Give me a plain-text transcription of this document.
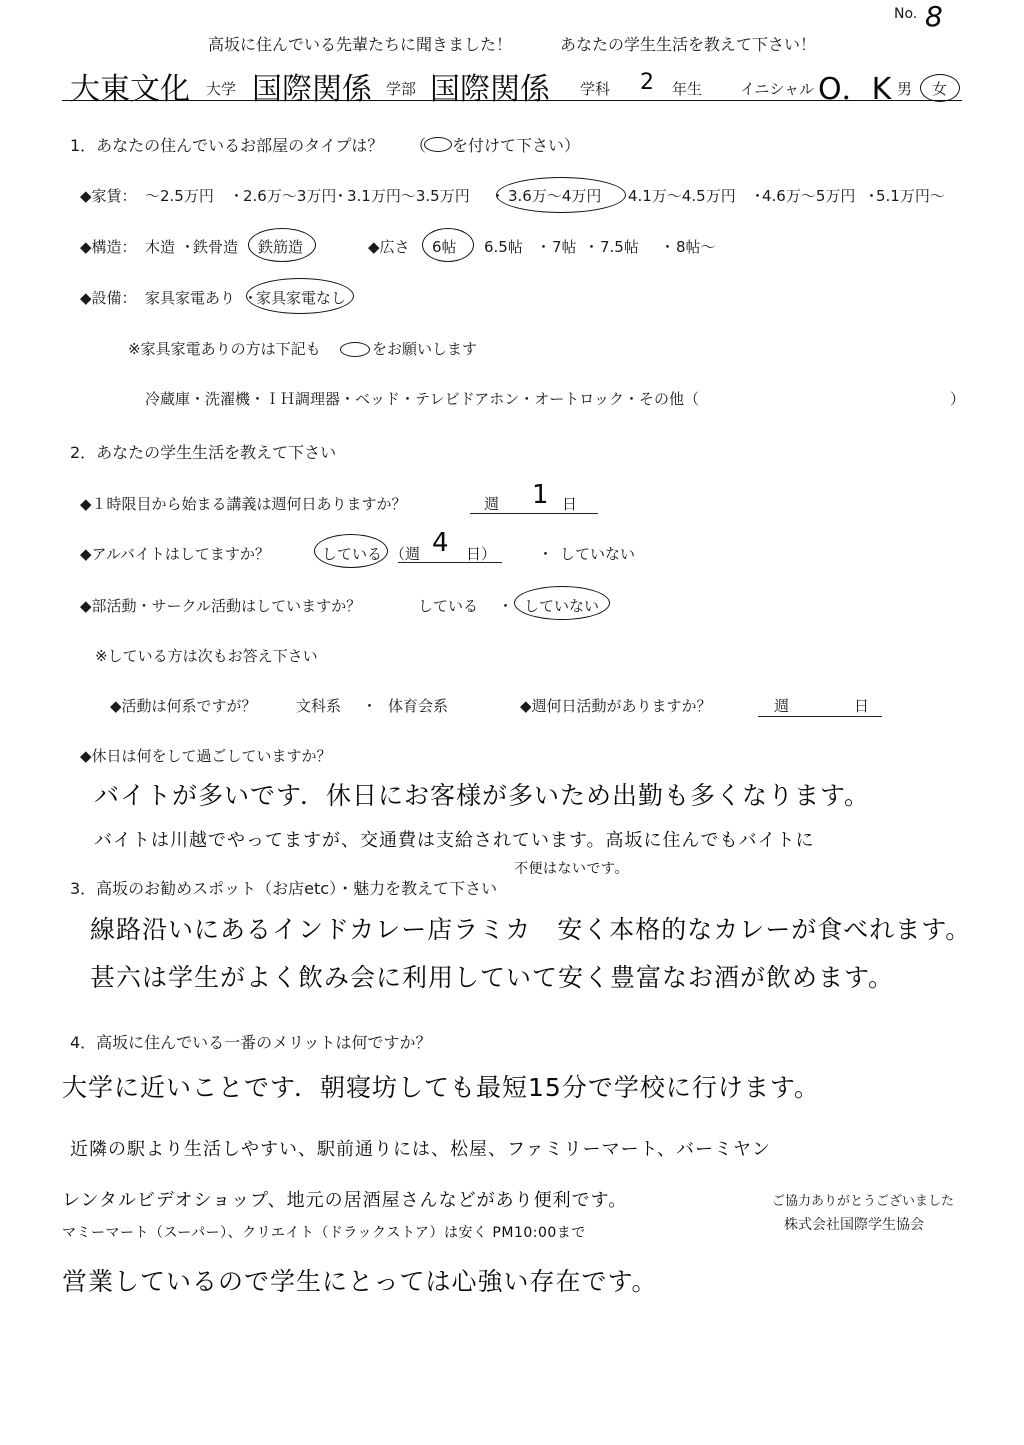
No. 8
高坂に住んでいる先輩たちに聞きました！	あなたの学生生活を教えて下さい！
大東文化 大学 国際関係 学部 国際関係 学科 2 年生	イニシャル O．K 男 女
1．あなたの住んでいるお部屋のタイプは？ （ を付けて下さい）
◆家賃： ～2.5万円 ・
2.6万～3万円
・
3.1万円～3.5万円 ・ 3.6万～4万円 4.1万～4.5万円 ・
4.6万～5万円 ・
5.1万円～
◆構造： 木造 ・
鉄骨造 鉄筋造	◆広さ 6帖 6.5帖 ・ 7帖 ・ 7.5帖 ・ 8帖～
◆設備： 家具家電あり ・
家具家電なし
※家具家電ありの方は下記も ○ をお願いします
冷蔵庫・洗濯機・ＩＨ調理器・ベッド・テレビドアホン・オートロック・その他（	）
2．あなたの学生生活を教えて下さい
◆１時限目から始まる講義は週何日ありますか？	週 1 日
◆アルバイトはしてますか？	している （週 4 日）	・ していない
◆部活動・サークル活動はしていますか？	している ・ していない
※している方は次もお答え下さい
◆活動は何系ですが？	文科系 ・ 体育会系	◆週何日活動がありますか？	週	日
◆休日は何をして過ごしていますか？
バイトが多いです．休日にお客様が多いため出勤も多くなります。
バイトは川越でやってますが、交通費は支給されています。高坂に住んでもバイトに
不便はないです。
3．高坂のお勧めスポット（お店etc）・魅力を教えて下さい
線路沿いにあるインドカレー店ラミカ　安く本格的なカレーが食べれます。
甚六は学生がよく飲み会に利用していて安く豊富なお酒が飲めます。
4．高坂に住んでいる一番のメリットは何ですか？
大学に近いことです．朝寝坊しても最短15分で学校に行けます。
近隣の駅より生活しやすい、駅前通りには、松屋、ファミリーマート、バーミヤン
レンタルビデオショップ、地元の居酒屋さんなどがあり便利です。	ご協力ありがとうございました
マミーマート（スーパー）、クリエイト（ドラックストア）は安く PM10:00まで	株式会社国際学生協会
営業しているので学生にとっては心強い存在です。
